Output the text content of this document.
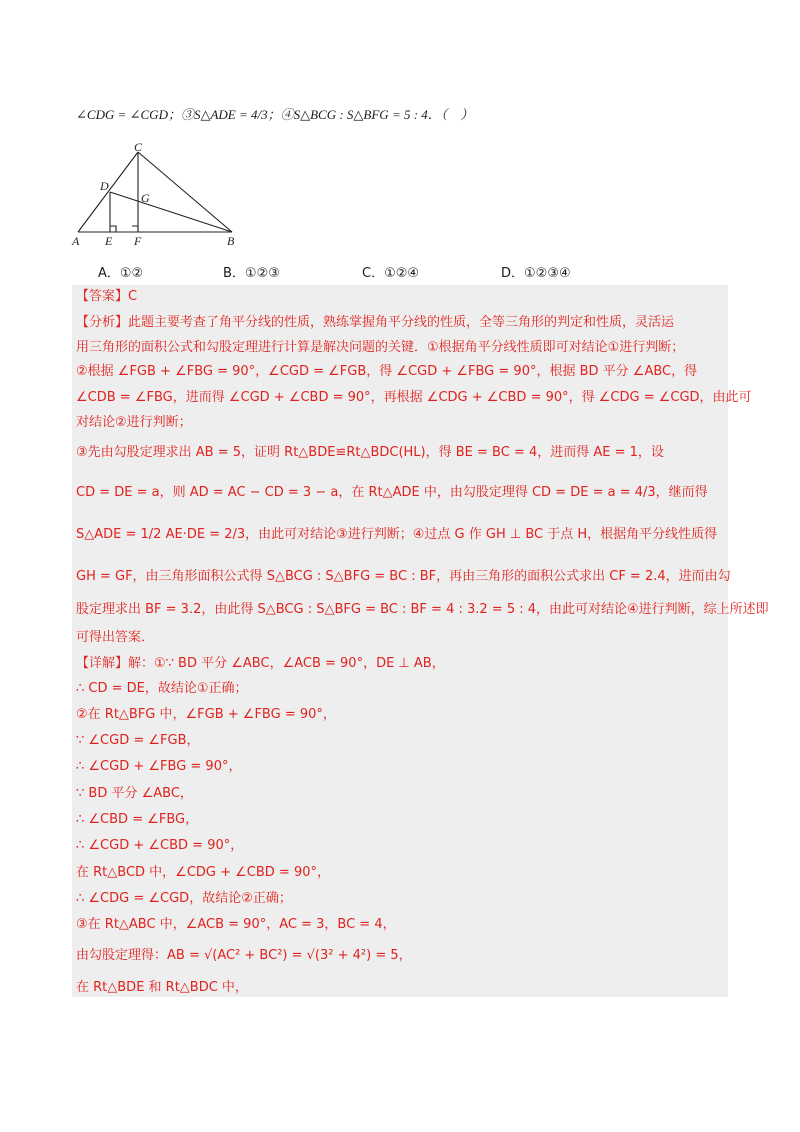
∠CDG = ∠CGD；③S△ADE = 4/3；④S△BCG : S△BFG = 5 : 4．（　）
C
D
G
A E F	B
A．①②	B．①②③	C．①②④	D．①②③④
【答案】C
【分析】此题主要考查了角平分线的性质，熟练掌握角平分线的性质，全等三角形的判定和性质，灵活运
用三角形的面积公式和勾股定理进行计算是解决问题的关键．①根据角平分线性质即可对结论①进行判断；
②根据 ∠FGB + ∠FBG = 90°，∠CGD = ∠FGB，得 ∠CGD + ∠FBG = 90°，根据 BD 平分 ∠ABC，得
∠CDB = ∠FBG，进而得 ∠CGD + ∠CBD = 90°，再根据 ∠CDG + ∠CBD = 90°，得 ∠CDG = ∠CGD，由此可
对结论②进行判断；
③先由勾股定理求出 AB = 5，证明 Rt△BDE≌Rt△BDC(HL)，得 BE = BC = 4，进而得 AE = 1，设
CD = DE = a，则 AD = AC − CD = 3 − a，在 Rt△ADE 中，由勾股定理得 CD = DE = a = 4/3，继而得
S△ADE = 1/2 AE·DE = 2/3，由此可对结论③进行判断；④过点 G 作 GH ⊥ BC 于点 H，根据角平分线性质得
GH = GF，由三角形面积公式得 S△BCG : S△BFG = BC : BF，再由三角形的面积公式求出 CF = 2.4，进而由勾
股定理求出 BF = 3.2，由此得 S△BCG : S△BFG = BC : BF = 4 : 3.2 = 5 : 4，由此可对结论④进行判断，综上所述即
可得出答案．
【详解】解：①∵ BD 平分 ∠ABC，∠ACB = 90°，DE ⊥ AB，
∴ CD = DE，故结论①正确；
②在 Rt△BFG 中，∠FGB + ∠FBG = 90°，
∵ ∠CGD = ∠FGB，
∴ ∠CGD + ∠FBG = 90°，
∵ BD 平分 ∠ABC，
∴ ∠CBD = ∠FBG，
∴ ∠CGD + ∠CBD = 90°，
在 Rt△BCD 中，∠CDG + ∠CBD = 90°，
∴ ∠CDG = ∠CGD，故结论②正确；
③在 Rt△ABC 中，∠ACB = 90°，AC = 3，BC = 4，
由勾股定理得：AB = √(AC² + BC²) = √(3² + 4²) = 5，
在 Rt△BDE 和 Rt△BDC 中，
